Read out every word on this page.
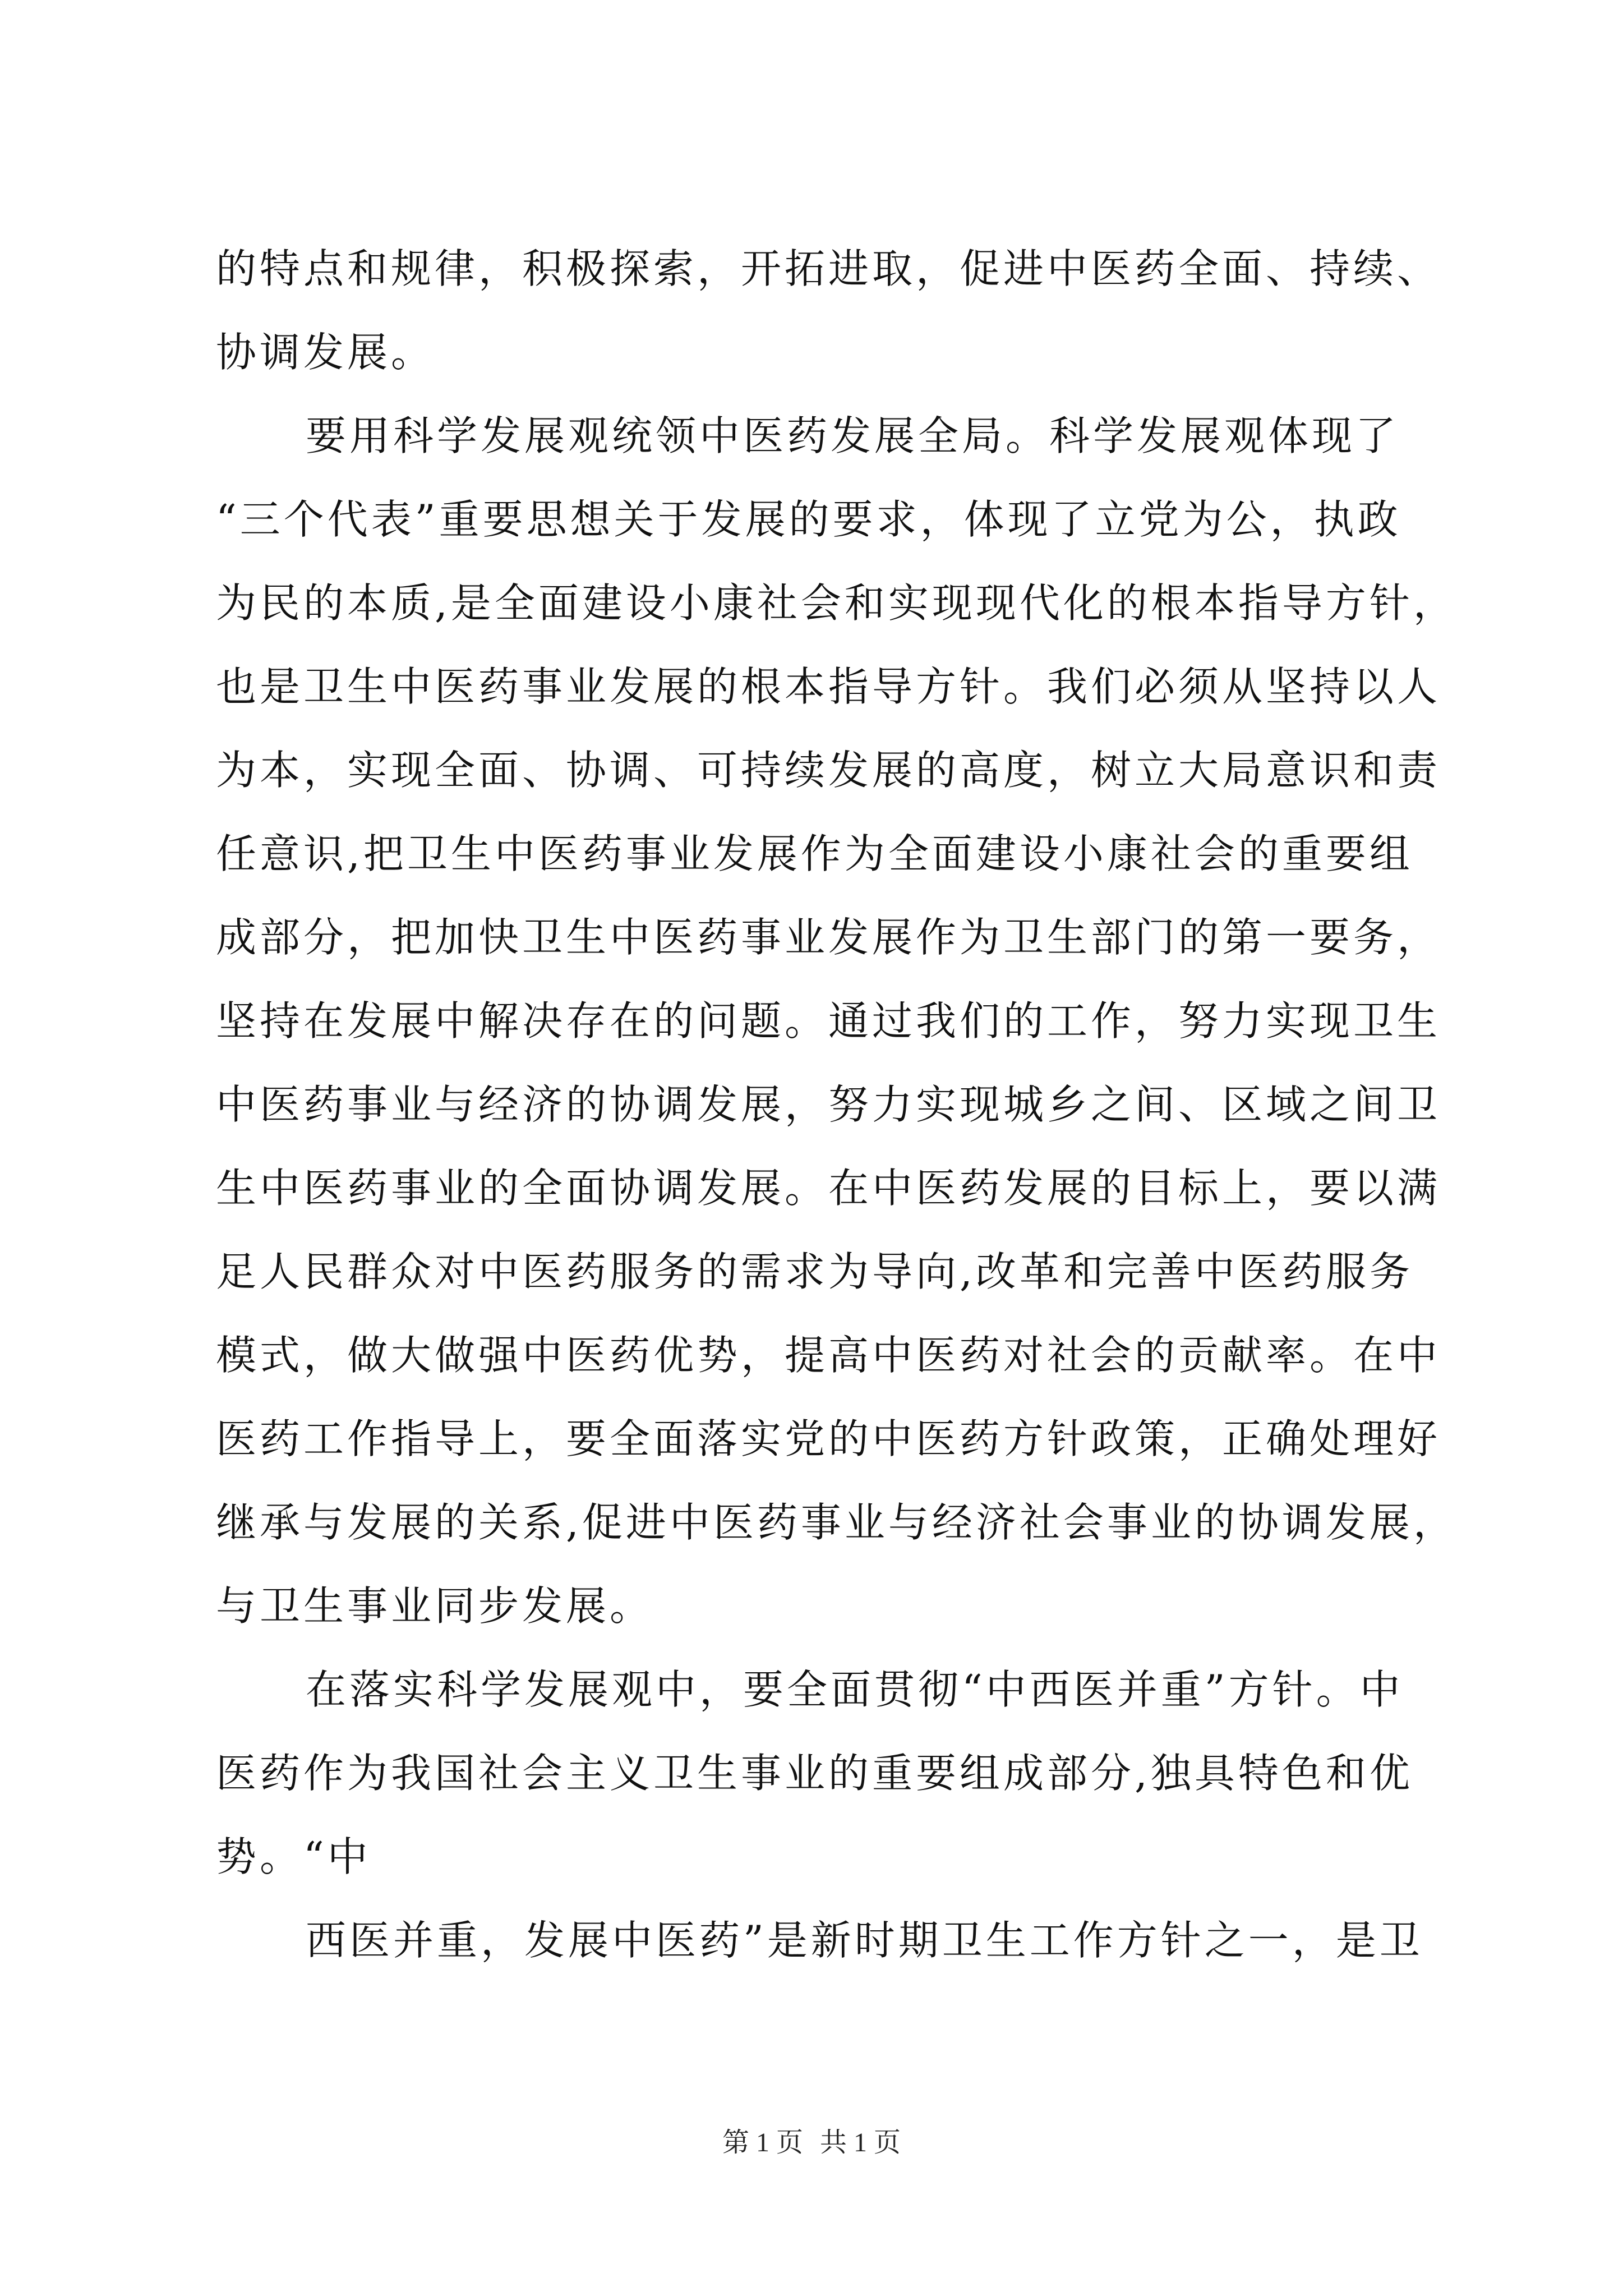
的特点和规律，积极探索，开拓进取，促进中医药全面、持续、
协调发展。
要用科学发展观统领中医药发展全局。科学发展观体现了
“三个代表”重要思想关于发展的要求，体现了立党为公，执政
为民的本质,是全面建设小康社会和实现现代化的根本指导方针，
也是卫生中医药事业发展的根本指导方针。我们必须从坚持以人
为本，实现全面、协调、可持续发展的高度，树立大局意识和责
任意识,把卫生中医药事业发展作为全面建设小康社会的重要组
成部分，把加快卫生中医药事业发展作为卫生部门的第一要务，
坚持在发展中解决存在的问题。通过我们的工作，努力实现卫生
中医药事业与经济的协调发展，努力实现城乡之间、区域之间卫
生中医药事业的全面协调发展。在中医药发展的目标上，要以满
足人民群众对中医药服务的需求为导向,改革和完善中医药服务
模式，做大做强中医药优势，提高中医药对社会的贡献率。在中
医药工作指导上，要全面落实党的中医药方针政策，正确处理好
继承与发展的关系,促进中医药事业与经济社会事业的协调发展，
与卫生事业同步发展。
在落实科学发展观中，要全面贯彻“中西医并重”方针。中
医药作为我国社会主义卫生事业的重要组成部分,独具特色和优
势。“中
西医并重，发展中医药”是新时期卫生工作方针之一，是卫
第 1 页 共 1 页
